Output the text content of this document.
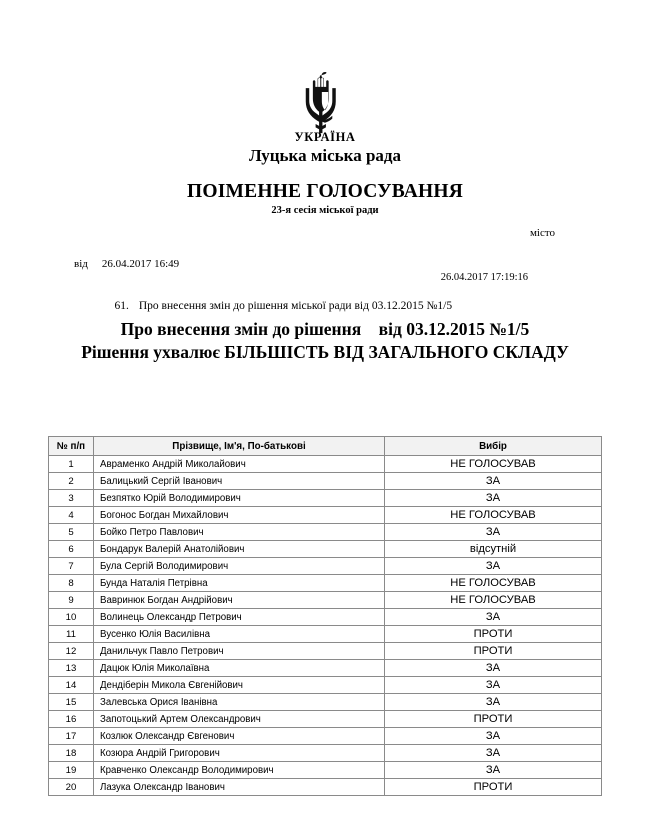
УКРАЇНА
Луцька міська рада
ПОІМЕННЕ ГОЛОСУВАННЯ
23-я сесія міської ради
місто

від 26.04.2017 16:49

26.04.2017 17:19:16

61. Про внесення змін до рішення міської ради від 03.12.2015 №1/5

Про внесення змін до рішення    від 03.12.2015 №1/5
Рішення ухвалює БІЛЬШІСТЬ ВІД ЗАГАЛЬНОГО СКЛАДУ
№ п/п	Прізвище, Ім'я, По-батькові	Вибір
1	Авраменко Андрій Миколайович	НЕ ГОЛОСУВАВ
2	Балицький Сергій Іванович	ЗА
3	Безпятко Юрій Володимирович	ЗА
4	Богонос Богдан Михайлович	НЕ ГОЛОСУВАВ
5	Бойко Петро Павлович	ЗА
6	Бондарук Валерій Анатолійович	відсутній
7	Була Сергій Володимирович	ЗА
8	Бунда Наталія Петрівна	НЕ ГОЛОСУВАВ
9	Вавринюк Богдан Андрійович	НЕ ГОЛОСУВАВ
10	Волинець Олександр Петрович	ЗА
11	Вусенко Юлія Василівна	ПРОТИ
12	Данильчук Павло Петрович	ПРОТИ
13	Дацюк Юлія Миколаївна	ЗА
14	Дендіберін Микола Євгенійович	ЗА
15	Залевська Орися Іванівна	ЗА
16	Запотоцький Артем Олександрович	ПРОТИ
17	Козлюк Олександр Євгенович	ЗА
18	Козюра Андрій Григорович	ЗА
19	Кравченко Олександр Володимирович	ЗА
20	Лазука Олександр Іванович	ПРОТИ
